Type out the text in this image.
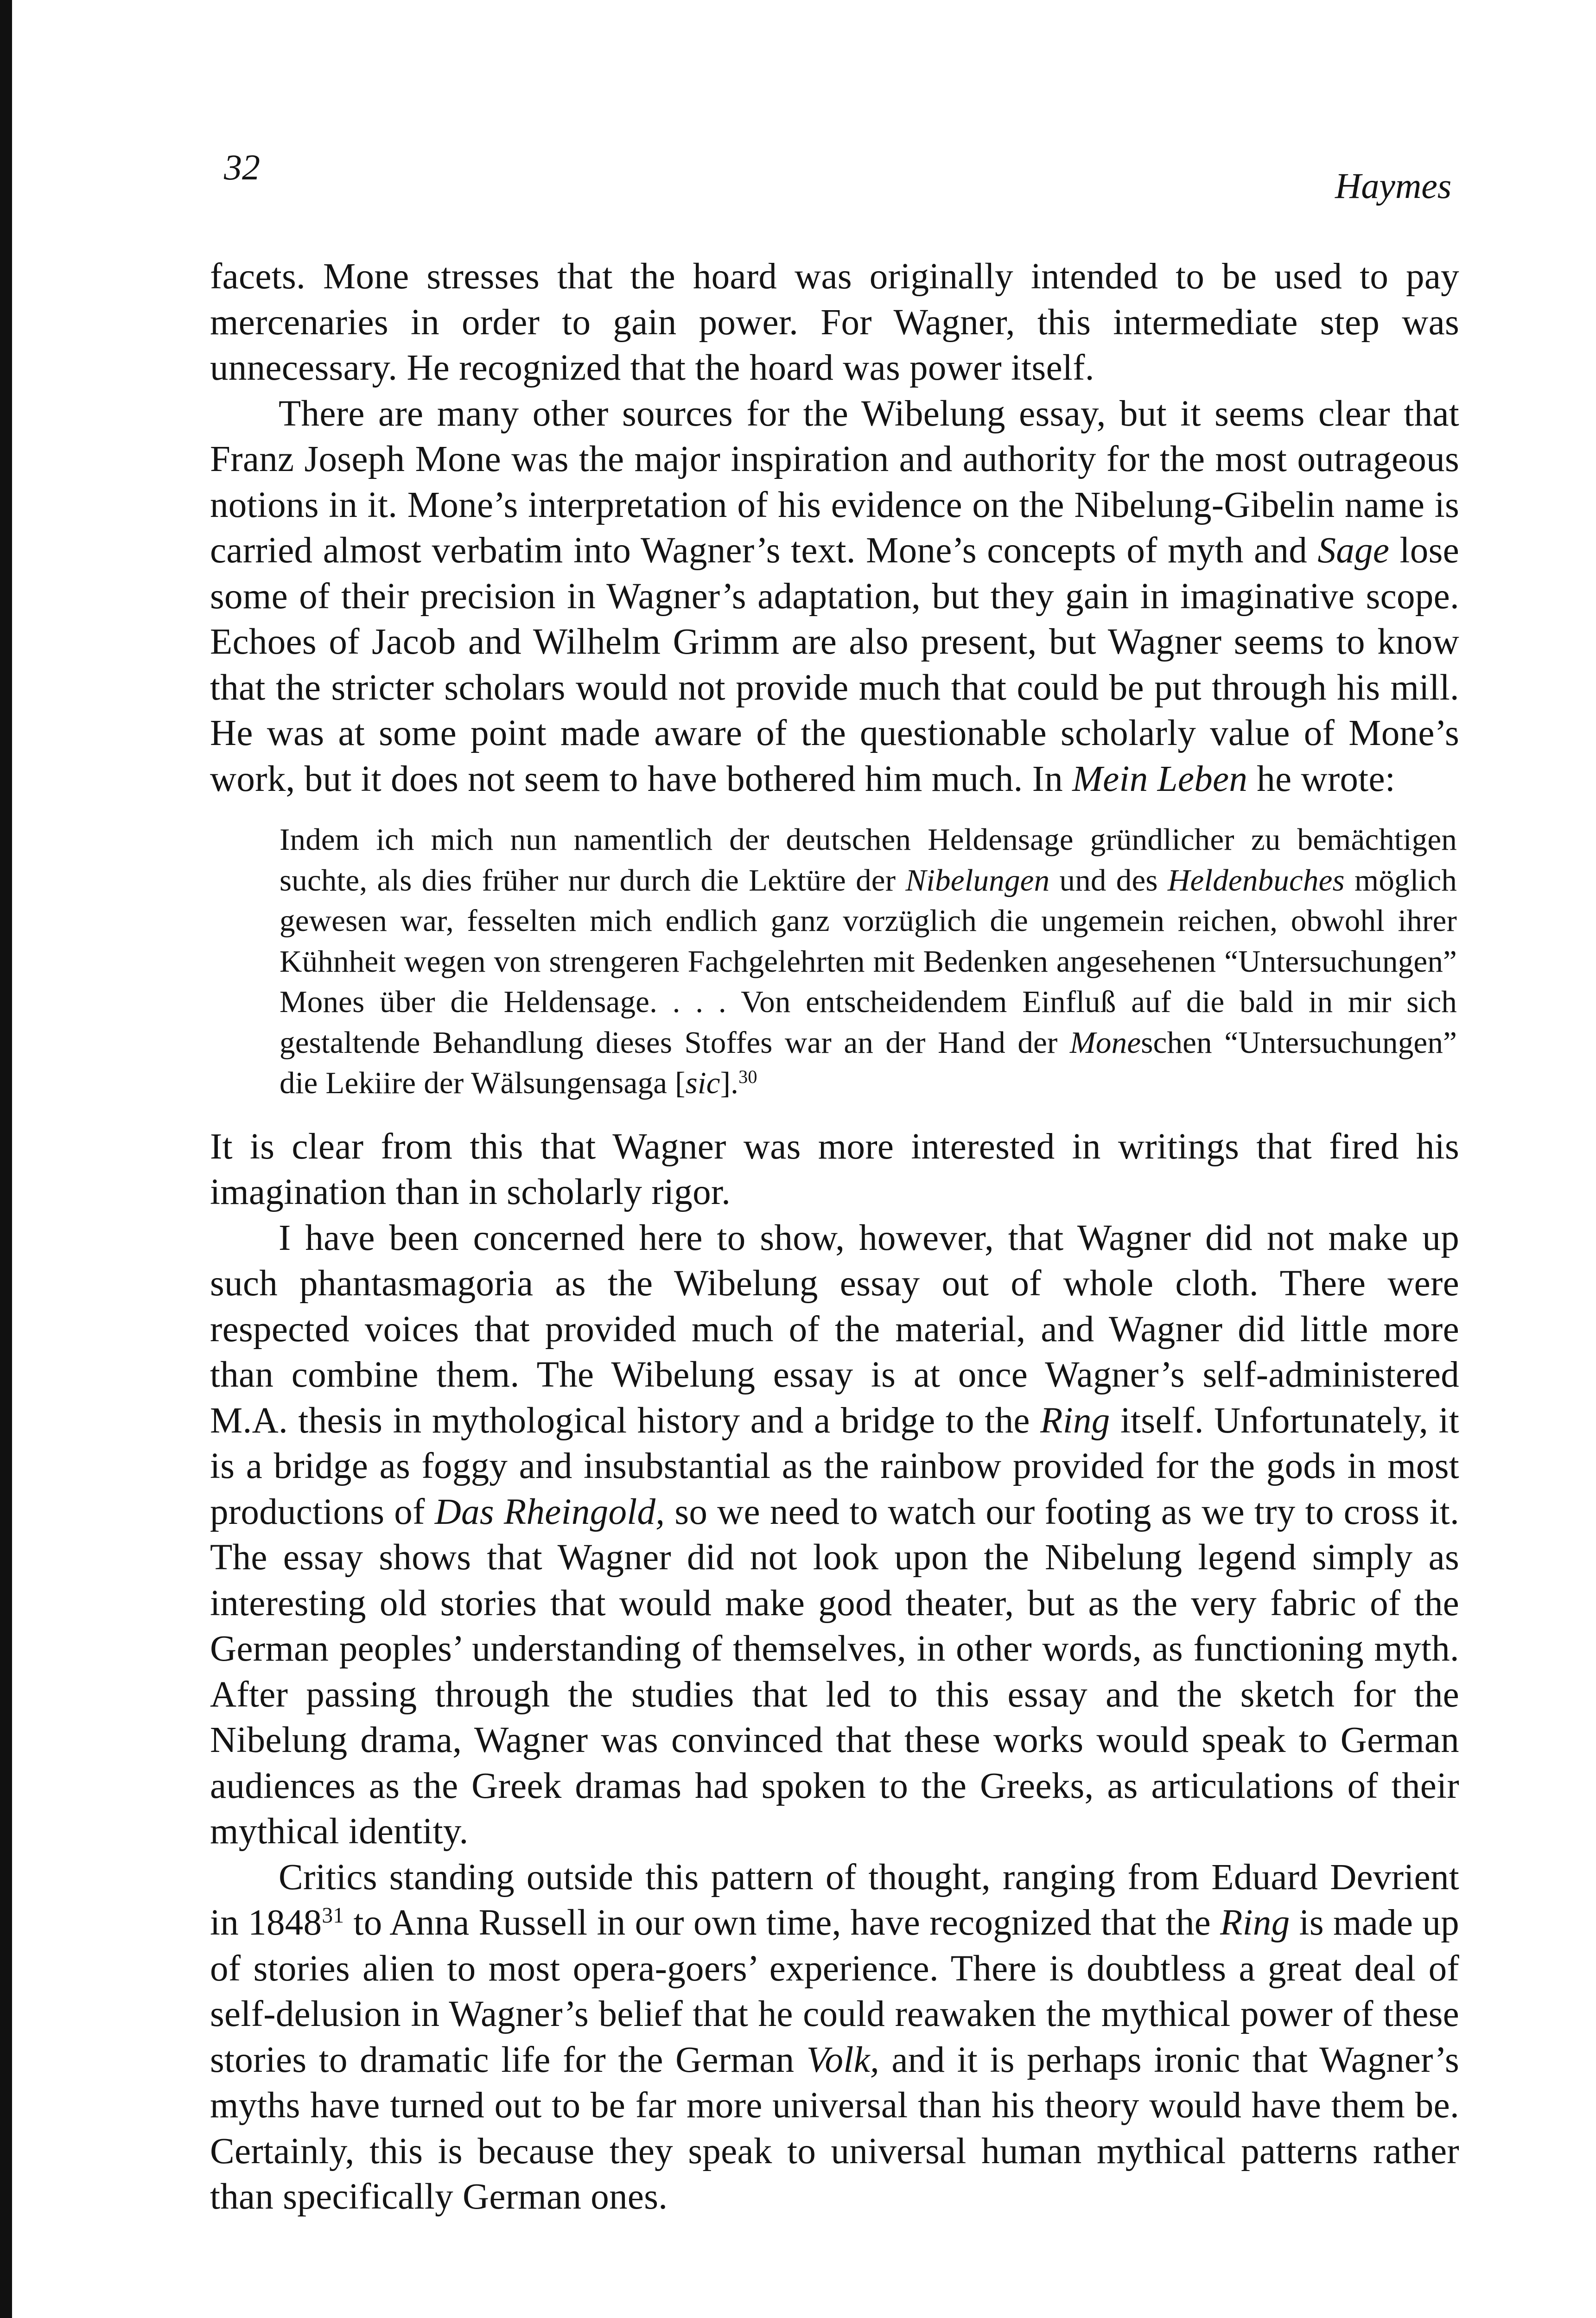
32	Haymes

facets. Mone stresses that the hoard was originally intended to be used to pay mercenaries in order to gain power. For Wagner, this intermediate step was unnecessary. He recognized that the hoard was power itself.

There are many other sources for the Wibelung essay, but it seems clear that Franz Joseph Mone was the major inspiration and authority for the most outrageous notions in it. Mone’s interpretation of his evidence on the Nibelung-Gibelin name is carried almost verbatim into Wagner’s text. Mone’s concepts of myth and Sage lose some of their precision in Wagner’s adaptation, but they gain in imaginative scope. Echoes of Jacob and Wilhelm Grimm are also present, but Wagner seems to know that the stricter scholars would not provide much that could be put through his mill. He was at some point made aware of the questionable scholarly value of Mone’s work, but it does not seem to have bothered him much. In Mein Leben he wrote:

Indem ich mich nun namentlich der deutschen Heldensage gründlicher zu bemächtigen suchte, als dies früher nur durch die Lektüre der Nibelungen und des Heldenbuches möglich gewesen war, fesselten mich endlich ganz vorzüglich die ungemein reichen, obwohl ihrer Kühnheit wegen von strengeren Fachgelehrten mit Bedenken angesehenen “Untersuchungen” Mones über die Heldensage. . . . Von entscheidendem Einfluß auf die bald in mir sich gestaltende Behandlung dieses Stoffes war an der Hand der Moneschen “Untersuchungen” die Lekiire der Wälsungensaga [sic].$^{30}$

It is clear from this that Wagner was more interested in writings that fired his imagination than in scholarly rigor.

I have been concerned here to show, however, that Wagner did not make up such phantasmagoria as the Wibelung essay out of whole cloth. There were respected voices that provided much of the material, and Wagner did little more than combine them. The Wibelung essay is at once Wagner’s self-administered M.A. thesis in mythological history and a bridge to the Ring itself. Unfortunately, it is a bridge as foggy and insubstantial as the rainbow provided for the gods in most productions of Das Rheingold, so we need to watch our footing as we try to cross it. The essay shows that Wagner did not look upon the Nibelung legend simply as interesting old stories that would make good theater, but as the very fabric of the German peoples’ understanding of themselves, in other words, as functioning myth. After passing through the studies that led to this essay and the sketch for the Nibelung drama, Wagner was convinced that these works would speak to German audiences as the Greek dramas had spoken to the Greeks, as articulations of their mythical identity.

Critics standing outside this pattern of thought, ranging from Eduard Devrient in 1848$^{31}$ to Anna Russell in our own time, have recognized that the Ring is made up of stories alien to most opera-goers’ experience. There is doubtless a great deal of self-delusion in Wagner’s belief that he could reawaken the mythical power of these stories to dramatic life for the German Volk, and it is perhaps ironic that Wagner’s myths have turned out to be far more universal than his theory would have them be. Certainly, this is because they speak to universal human mythical patterns rather than specifically German ones.
